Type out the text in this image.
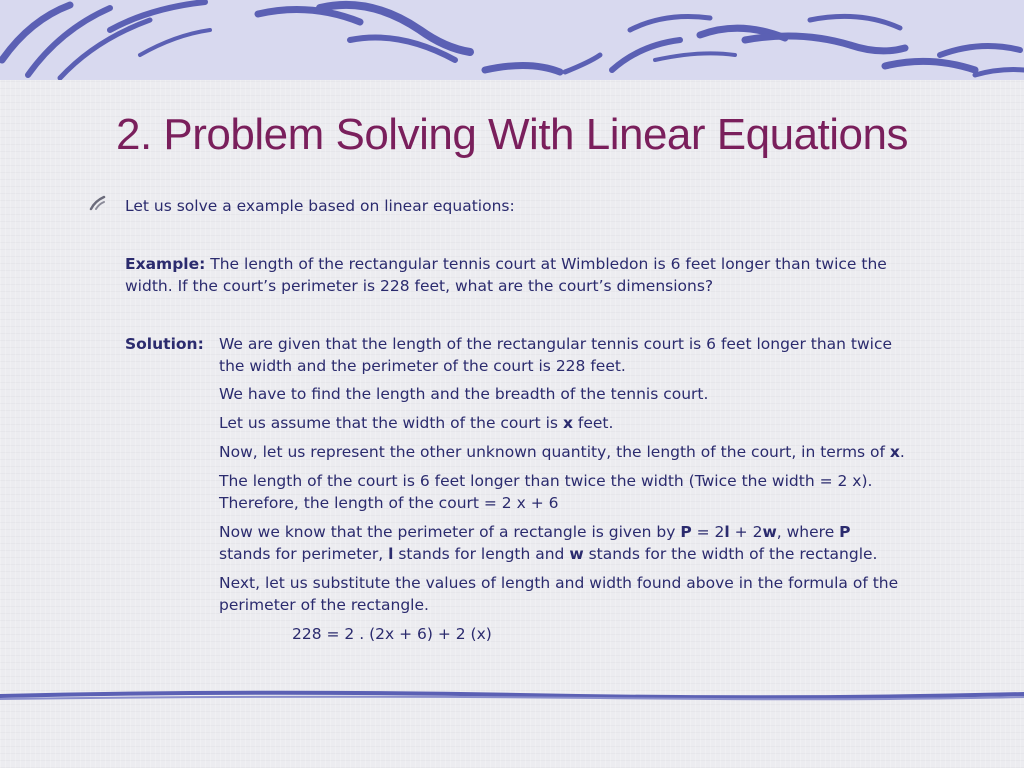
2. Problem Solving With Linear Equations
Let us solve a example based on linear equations:
Example: The length of the rectangular tennis court at Wimbledon is 6 feet longer than twice the
width. If the court’s perimeter is 228 feet, what are the court’s dimensions?
Solution: We are given that the length of the rectangular tennis court is 6 feet longer than twice
the width and the perimeter of the court is 228 feet.
We have to find the length and the breadth of the tennis court.
Let us assume that the width of the court is x feet.
Now, let us represent the other unknown quantity, the length of the court, in terms of x.
The length of the court is 6 feet longer than twice the width (Twice the width = 2 x).
Therefore, the length of the court = 2 x + 6
Now we know that the perimeter of a rectangle is given by P = 2l + 2w, where P
stands for perimeter, l stands for length and w stands for the width of the rectangle.
Next, let us substitute the values of length and width found above in the formula of the
perimeter of the rectangle.
228 = 2 . (2x + 6) + 2 (x)
